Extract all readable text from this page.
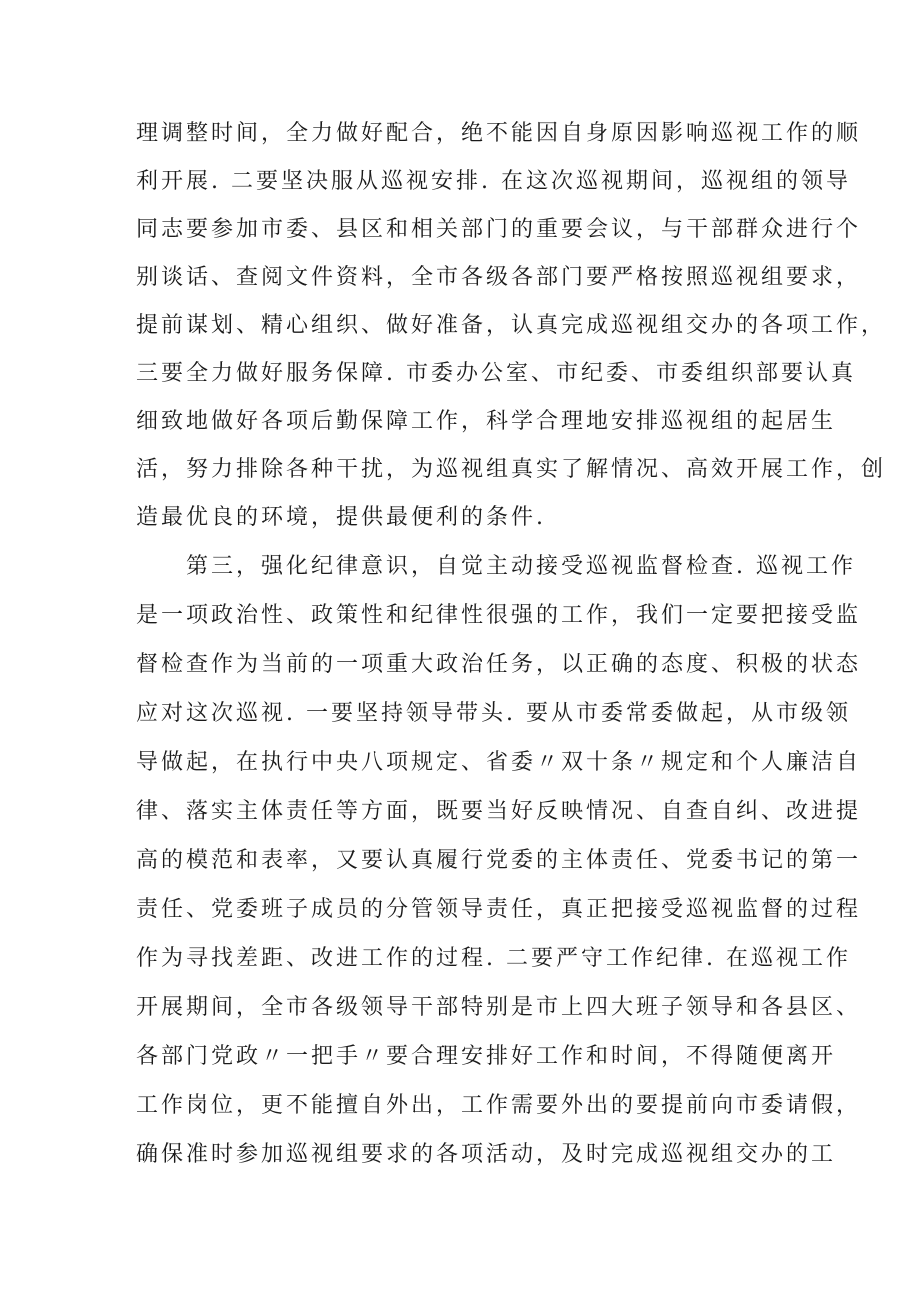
理调整时间，全力做好配合，绝不能因自身原因影响巡视工作的顺
利开展. 二要坚决服从巡视安排. 在这次巡视期间，巡视组的领导
同志要参加市委、县区和相关部门的重要会议，与干部群众进行个
别谈话、查阅文件资料，全市各级各部门要严格按照巡视组要求，
提前谋划、精心组织、做好准备，认真完成巡视组交办的各项工作，
三要全力做好服务保障. 市委办公室、市纪委、市委组织部要认真
细致地做好各项后勤保障工作，科学合理地安排巡视组的起居生
活，努力排除各种干扰，为巡视组真实了解情况、高效开展工作，创
造最优良的环境，提供最便利的条件.
第三，强化纪律意识，自觉主动接受巡视监督检查. 巡视工作
是一项政治性、政策性和纪律性很强的工作，我们一定要把接受监
督检查作为当前的一项重大政治任务，以正确的态度、积极的状态
应对这次巡视. 一要坚持领导带头. 要从市委常委做起，从市级领
导做起，在执行中央八项规定、省委〃双十条〃规定和个人廉洁自
律、落实主体责任等方面，既要当好反映情况、自查自纠、改进提
高的模范和表率，又要认真履行党委的主体责任、党委书记的第一
责任、党委班子成员的分管领导责任，真正把接受巡视监督的过程
作为寻找差距、改进工作的过程. 二要严守工作纪律. 在巡视工作
开展期间，全市各级领导干部特别是市上四大班子领导和各县区、
各部门党政〃一把手〃要合理安排好工作和时间，不得随便离开
工作岗位，更不能擅自外出，工作需要外出的要提前向市委请假，
确保准时参加巡视组要求的各项活动，及时完成巡视组交办的工
